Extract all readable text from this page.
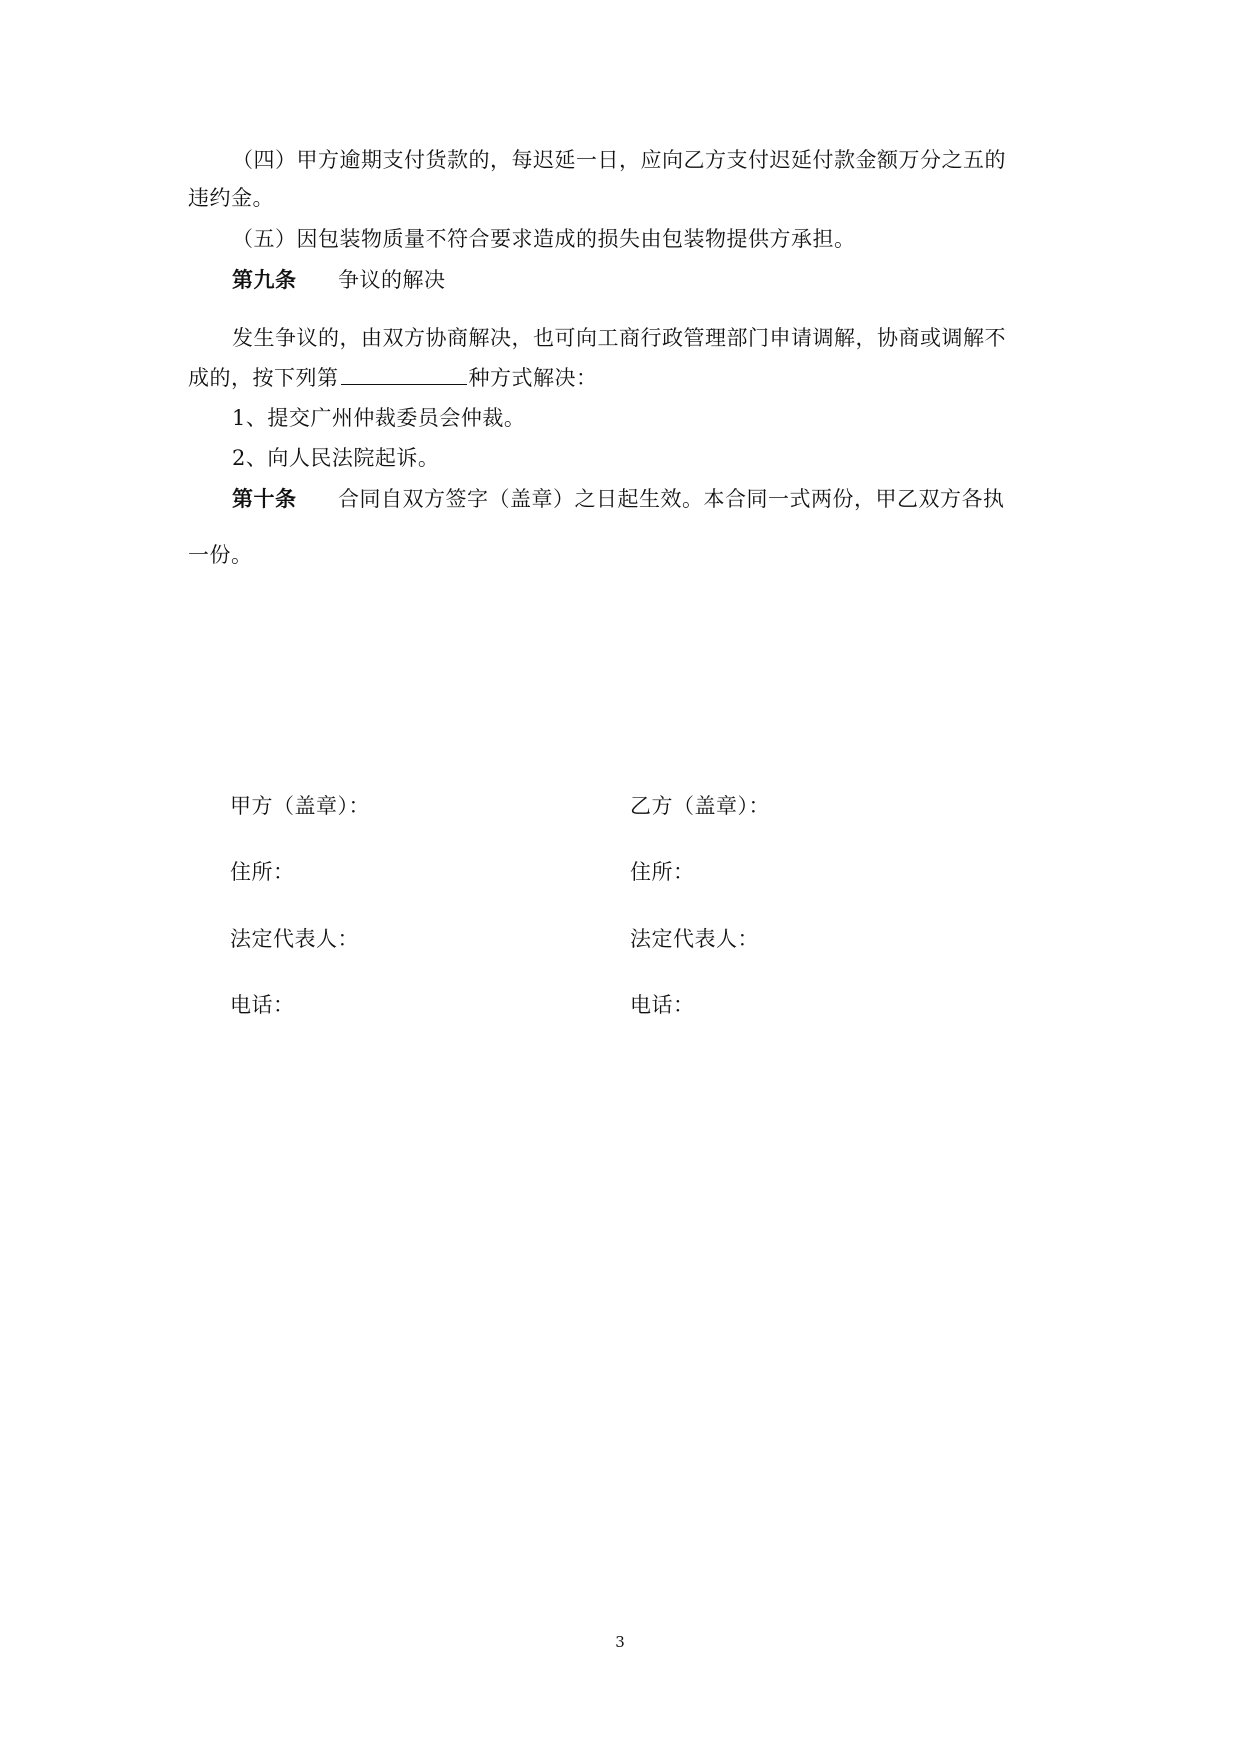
（四）甲方逾期支付货款的，每迟延一日，应向乙方支付迟延付款金额万分之五的
违约金。
（五）因包装物质量不符合要求造成的损失由包装物提供方承担。
第九条 争议的解决
发生争议的，由双方协商解决，也可向工商行政管理部门申请调解，协商或调解不
成的，按下列第	种方式解决：
1、提交广州仲裁委员会仲裁。
2、向人民法院起诉。
第十条 合同自双方签字（盖章）之日起生效。本合同一式两份，甲乙双方各执
一份。
甲方（盖章）：	乙方（盖章）：
住所：	住所：
法定代表人：	法定代表人：
电话：	电话：
3
